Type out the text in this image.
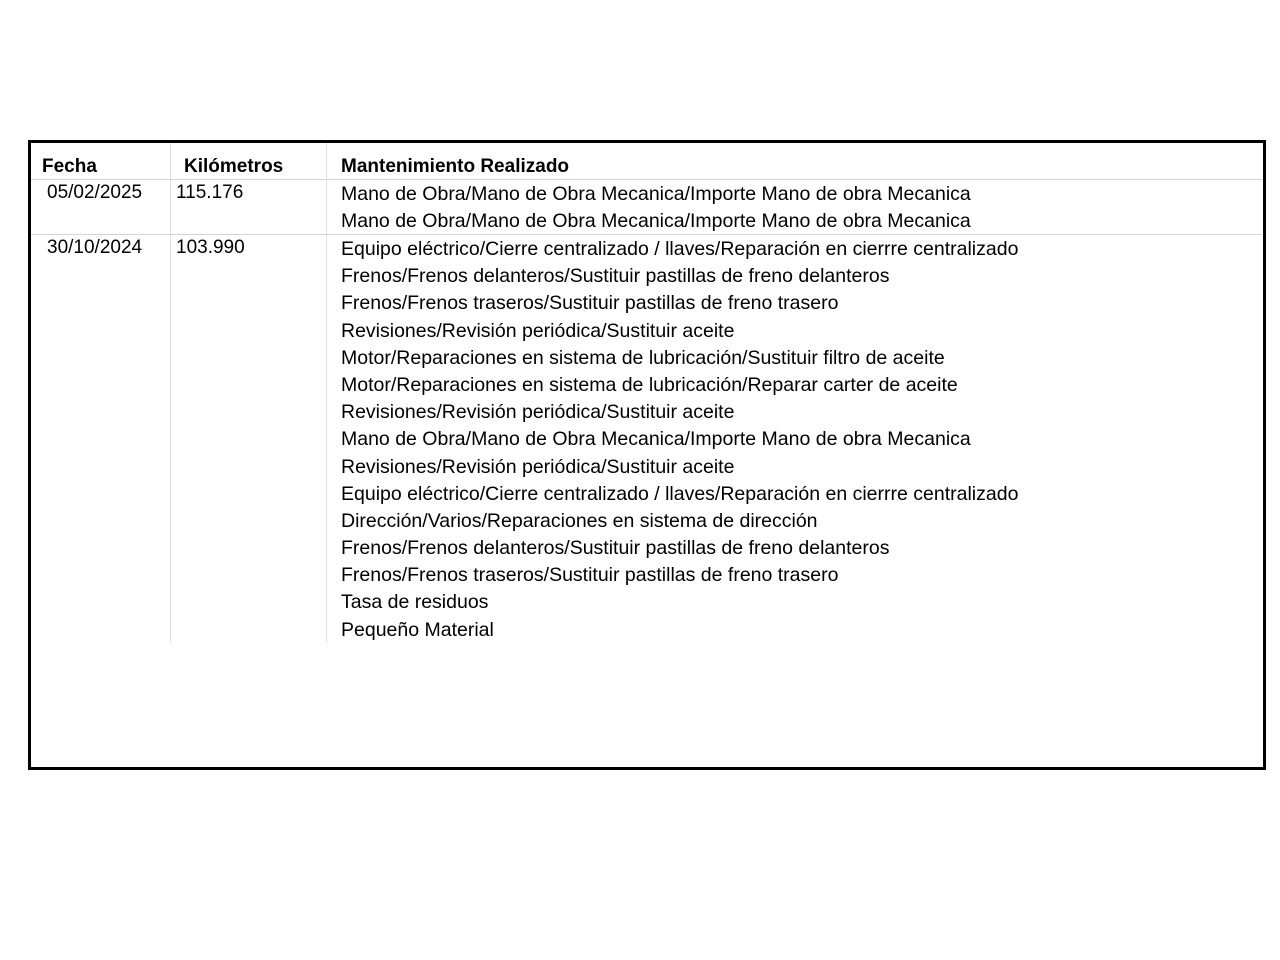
Fecha	Kilómetros	Mantenimiento Realizado
05/02/2025 115.176	Mano de Obra/Mano de Obra Mecanica/Importe Mano de obra Mecanica
Mano de Obra/Mano de Obra Mecanica/Importe Mano de obra Mecanica
30/10/2024 103.990	Equipo eléctrico/Cierre centralizado / llaves/Reparación en cierrre centralizado
Frenos/Frenos delanteros/Sustituir pastillas de freno delanteros
Frenos/Frenos traseros/Sustituir pastillas de freno trasero
Revisiones/Revisión periódica/Sustituir aceite
Motor/Reparaciones en sistema de lubricación/Sustituir filtro de aceite
Motor/Reparaciones en sistema de lubricación/Reparar carter de aceite
Revisiones/Revisión periódica/Sustituir aceite
Mano de Obra/Mano de Obra Mecanica/Importe Mano de obra Mecanica
Revisiones/Revisión periódica/Sustituir aceite
Equipo eléctrico/Cierre centralizado / llaves/Reparación en cierrre centralizado
Dirección/Varios/Reparaciones en sistema de dirección
Frenos/Frenos delanteros/Sustituir pastillas de freno delanteros
Frenos/Frenos traseros/Sustituir pastillas de freno trasero
Tasa de residuos
Pequeño Material
